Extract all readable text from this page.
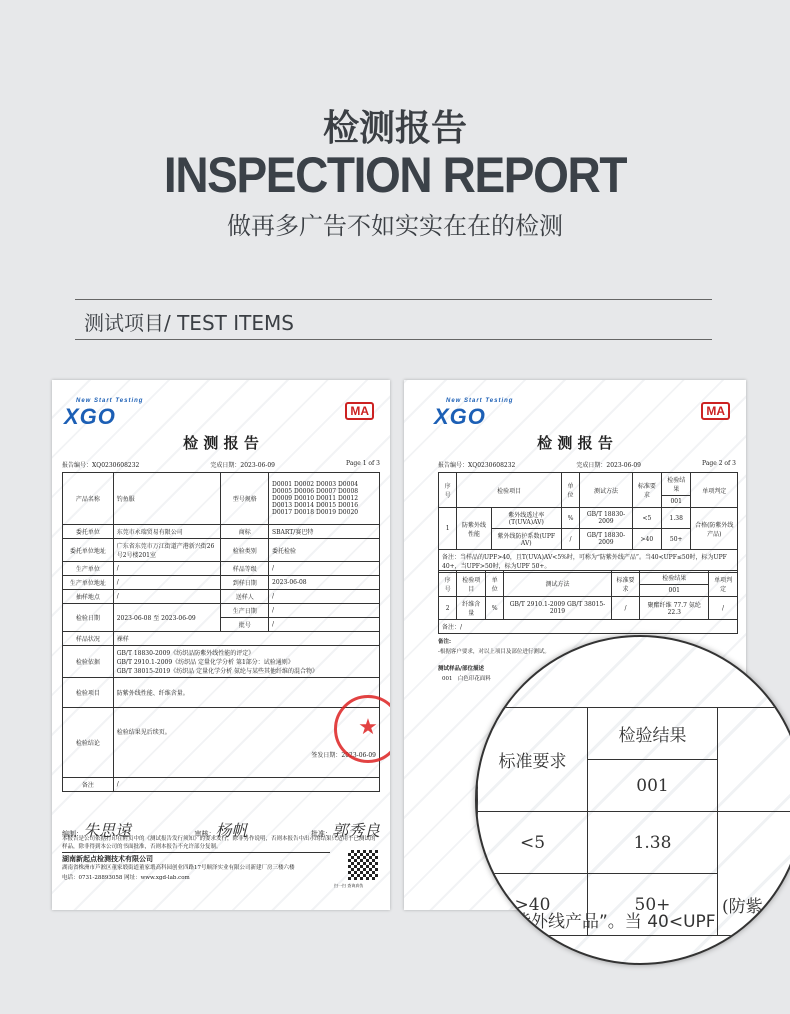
检测报告
INSPECTION REPORT
做再多广告不如实实在在的检测
测试项目/ TEST ITEMS
New Start Testing
XGO	MA
检 测 报 告
报告编号：XQ0230608232	完成日期：2023-06-09	Page 1 of 3
产品名称	钓鱼服	型号规格	D0001 D0002 D0003 D0004 D0005 D0006 D0007 D0008 D0009 D0010 D0011 D0012 D0013 D0014 D0015 D0016 D0017 D0018 D0019 D0020
委托单位	东莞市永瑞贸易有限公司	商标	SBART/赛巴特
委托单位地址	广东省东莞市万江街道产港新兴街26号2号楼201室	检验类别	委托检验
生产单位	/	样品等级	/
生产单位地址	/	到样日期	2023-06-08
抽样地点	/	送样人	/
检验日期	2023-06-08 至 2023-06-09	生产日期	/
		批号	/
样品状况	裸样		
检验依据	GB/T 18830-2009《纺织品防紫外线性能的评定》
GB/T 2910.1-2009《纺织品 定量化学分析 第1部分：试验通则》
GB/T 38015-2019《纺织品 定量化学分析 氨纶与某些其他纤维的混合物》		

检验项目	防紫外线性能、纤维含量。		
检验结论	检验结果见后续页。
签发日期：2023-06-09		

备注	/		
★
编制：朱思遠	审核：杨帆	批准：郭秀良
本报告是公司依据打印在附页中的《测试报告发行须知》的要求发行，除非另作说明，否则本报告中出示的结果只适用于已测试的样品，除非得到本公司的书面批准，否则本报告不允许部分复制。
湖南新起点检测技术有限公司
湖南省株洲市芦淞区董家塅街道董家塅高科园创业四路17号顺泽实业有限公司新建厂房三楼六楼
电话：0731-28893058 网址：www.xgd-lab.com
扫一扫 查询真伪
New Start Testing
XGO	MA
检 测 报 告
报告编号：XQ0230608232	完成日期：2023-06-09	Page 2 of 3
序号	检验项目		单位	测试方法	标准要求	检验结果	单项判定
						001	
1	防紫外线性能	紫外线透过率(T(UVA)AV)	%	GB/T 18830-2009	<5	1.38	合格(防紫外线产品)
		紫外线防护系数(UPF AV)	/	GB/T 18830-2009	>40	50+	
备注：当样品的UPF>40，且T(UVA)AV<5%时，可称为“防紫外线产品”。当40<UPF≤50时，标为UPF 40+，当UPF>50时，标为UPF 50+。							
序号	检验项目	单位	测试方法	标准要求	检验结果	单项判定
					001	
2	纤维含量	%	GB/T 2910.1-2009 GB/T 38015-2019	/	聚酯纤维 77.7 氨纶 22.3	/
备注：/						
备注:
-根据客户要求，对以上项目及部位进行测试。
测试样品/部位描述
001 白色印花面料
标准要求	检验结果	
	001	
<5	1.38	
>40	50+	(防紫
方紫外线产品”。当 40<UPF
